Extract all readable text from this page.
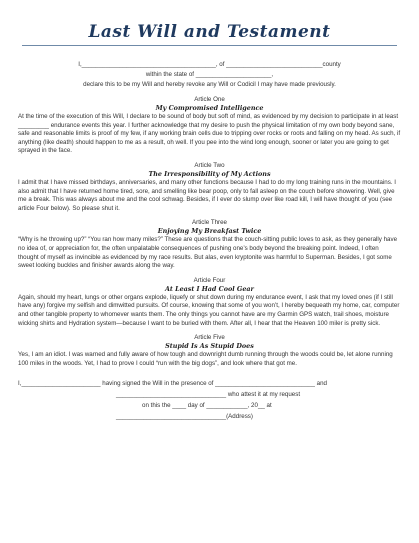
Last Will and Testament
I,_______________________________________, of ____________________________county
within the state of ______________________,
declare this to be my Will and hereby revoke any Will or Codicil I may have made previously.
Article One
My Compromised Intelligence
At the time of the execution of this Will, I declare to be sound of body but soft of mind, as evidenced by my decision to participate in at least _________ endurance events this year. I further acknowledge that my desire to push the physical limitation of my own body beyond sane, safe and reasonable limits is proof of my few, if any working brain cells due to tripping over rocks or roots and falling on my head. As such, if anything (like death) should happen to me as a result, oh well. If you pee into the wind long enough, sooner or later you are going to get sprayed in the face.
Article Two
The Irresponsibility of My Actions
I admit that I have missed birthdays, anniversaries, and many other functions because I had to do my long training runs in the mountains. I also admit that I have returned home tired, sore, and smelling like bear poop, only to fall asleep on the couch before showering. Well, give me a break. This was always about me and the cool schwag. Besides, if I ever do slump over like road kill, I will have thought of you (see article Four below). So please shut it.
Article Three
Enjoying My Breakfast Twice
“Why is he throwing up?” “You ran how many miles?” These are questions that the couch-sitting public loves to ask, as they generally have no idea of, or appreciation for, the often unpalatable consequences of pushing one’s body beyond the breaking point. Indeed, I often thought of myself as invincible as evidenced by my race results. But alas, even kryptonite was harmful to Superman. Besides, I got some sweet looking buckles and finisher awards along the way.
Article Four
At Least I Had Cool Gear
Again, should my heart, lungs or other organs explode, liquefy or shut down during my endurance event, I ask that my loved ones (if I still have any) forgive my selfish and dimwitted pursuits. Of course, knowing that some of you won’t, I hereby bequeath my home, car, computer and other tangible property to whomever wants them. The only things you cannot have are my Garmin GPS watch, trail shoes, moisture wicking shirts and Hydration system—because I want to be buried with them. After all, I hear that the Heaven 100 miler is pretty sick.
Article Five
Stupid Is As Stupid Does
Yes, I am an idiot. I was warned and fully aware of how tough and downright dumb running through the woods could be, let alone running 100 miles in the woods. Yet, I had to prove I could “run with the big dogs”, and look where that got me.
I,_______________________ having signed the Will in the presence of _____________________________ and
________________________________ who attest it at my request
on this the ____ day of ____________, 20__ at
________________________________(Address)
